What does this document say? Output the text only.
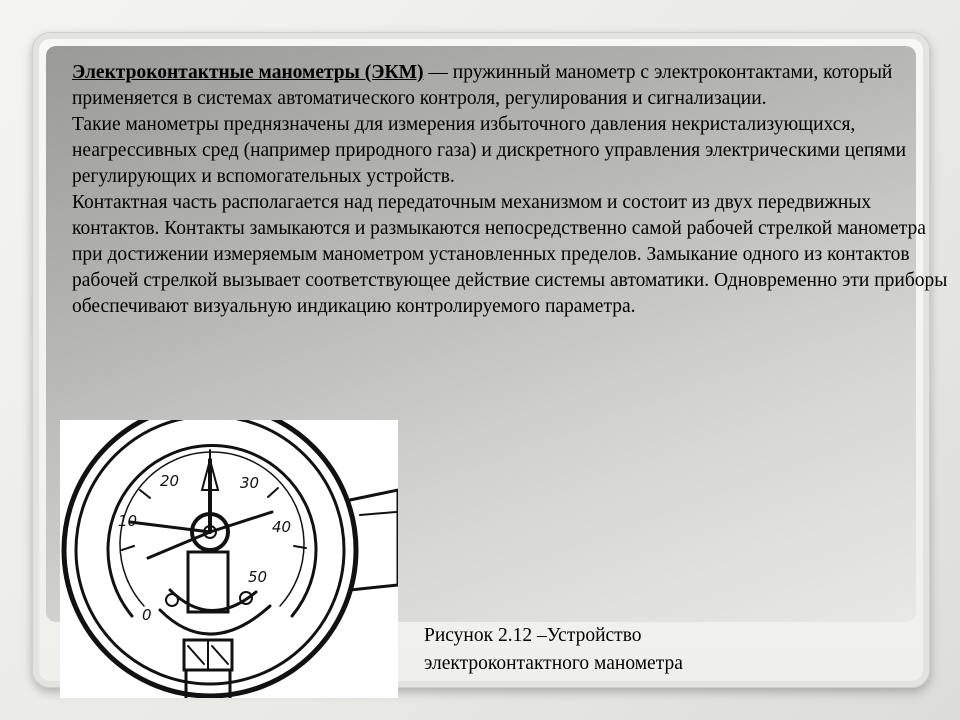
Электроконтактные манометры (ЭКМ) — пружинный манометр с электроконтактами, который применяется в системах автоматического контроля, регулирования и сигнализации.

Такие манометры преднязначены для измерения избыточного давления некристализующихся, неагрессивных сред (например природного газа) и дискретного управления электрическими цепями регулирующих и вспомогательных устройств.

Контактная часть располагается над передаточным механизмом и состоит из двух передвижных контактов. Контакты замыкаются и размыкаются непосредственно самой рабочей стрелкой манометра при достижении измеряемым манометром установленных пределов. Замыкание одного из контактов рабочей стрелкой вызывает соответствующее действие системы автоматики. Одновременно эти приборы обеспечивают визуальную индикацию контролируемого параметра.

0
10
20	30
40
50
Рисунок 2.12 –Устройство
электроконтактного манометра
